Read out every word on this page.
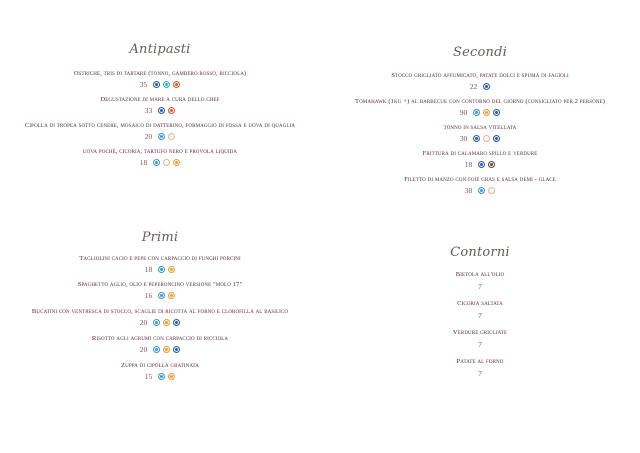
Antipasti
Ostriche, tris di tartare (tonno, gambero rosso, ricciola)
35
Degustazione di mare a cura dello chef
33
Cipolla di tropea sotto cenere, mosaico di datterino, formaggio di fossa e uova di quaglia
20
uova pochè, cicoria, tartufo nero e provola liquida
18
Secondi
Stocco grigliato affumicato, patate dolci e spuma di fagioli
22
Tomahawk (1kg +) al barbecue con contorno del giorno (consigliato per 2 persone)
90
tonno in salsa vitellata
30
Frittura di calamaro spillo e verdure
18
Filetto di manzo con foie gras e salsa demi - glace
38
Primi
Tagliolini cacio e pepe con carpaccio di funghi porcini
18
Spaghetto aglio, olio e peperoncino versione "molo 17"
16
Bucatini con ventresca di stocco, scaglie di ricotta al forno e clorofilla al basilico
20
Risotto agli agrumi con carpaccio di ricciola
20
Zuppa di cipolla gratinata
15
Contorni
Bietola all'olio
7
Cicoria saltata
7
Verdure grigliate
7
Patate al forno
7
